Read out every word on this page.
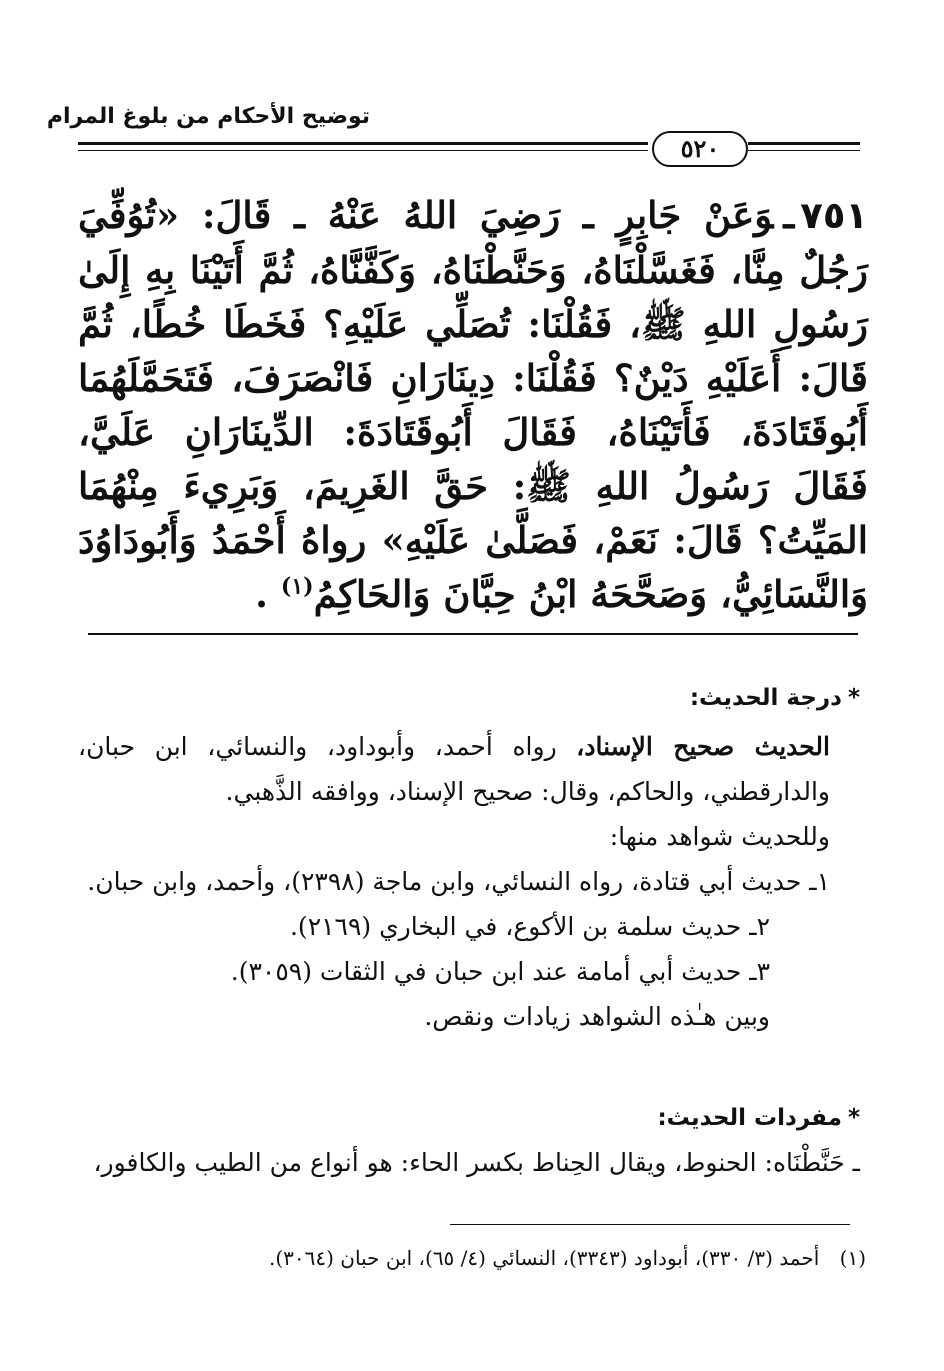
توضيح الأحكام من بلوغ المرام
٥٢٠
٧٥١ـوَعَنْ جَابِرٍ ـ رَضِيَ اللهُ عَنْهُ ـ قَالَ: «تُوُفِّيَ رَجُلٌ مِنَّا، فَغَسَّلْنَاهُ، وَحَنَّطْنَاهُ، وَكَفَّنَّاهُ، ثُمَّ أَتَيْنَا بِهِ إِلَىٰ رَسُولِ اللهِ ﷺ، فَقُلْنَا: تُصَلِّي عَلَيْهِ؟ فَخَطَا خُطًا، ثُمَّ قَالَ: أَعَلَيْهِ دَيْنٌ؟ فَقُلْنَا: دِينَارَانِ فَانْصَرَفَ، فَتَحَمَّلَهُمَا أَبُوقَتَادَةَ، فَأَتَيْنَاهُ، فَقَالَ أَبُوقَتَادَةَ: الدِّينَارَانِ عَلَيَّ، فَقَالَ رَسُولُ اللهِ ﷺ: حَقَّ الغَرِيمَ، وَبَرِيءَ مِنْهُمَا المَيِّتُ؟ قَالَ: نَعَمْ، فَصَلَّىٰ عَلَيْهِ» رواهُ أَحْمَدُ وَأَبُودَاوُدَ وَالنَّسَائِيُّ، وَصَحَّحَهُ ابْنُ حِبَّانَ وَالحَاكِمُ$^{(١)}$ .
*درجة الحديث:

الحديث صحيح الإسناد، رواه أحمد، وأبوداود، والنسائي، ابن حبان، والدارقطني، والحاكم، وقال: صحيح الإسناد، ووافقه الذَّهبي.

وللحديث شواهد منها:

١ـ حديث أبي قتادة، رواه النسائي، وابن ماجة (٢٣٩٨)، وأحمد، وابن حبان.

٢ـ حديث سلمة بن الأكوع، في البخاري (٢١٦٩).

٣ـ حديث أبي أمامة عند ابن حبان في الثقات (٣٠٥٩).

وبين هـٰذه الشواهد زيادات ونقص.

*مفردات الحديث:

ـ حَنَّطْنَاه: الحنوط، ويقال الحِناط بكسر الحاء: هو أنواع من الطيب والكافور،

(١) أحمد (٣/ ٣٣٠)، أبوداود (٣٣٤٣)، النسائي (٤/ ٦٥)، ابن حبان (٣٠٦٤).
